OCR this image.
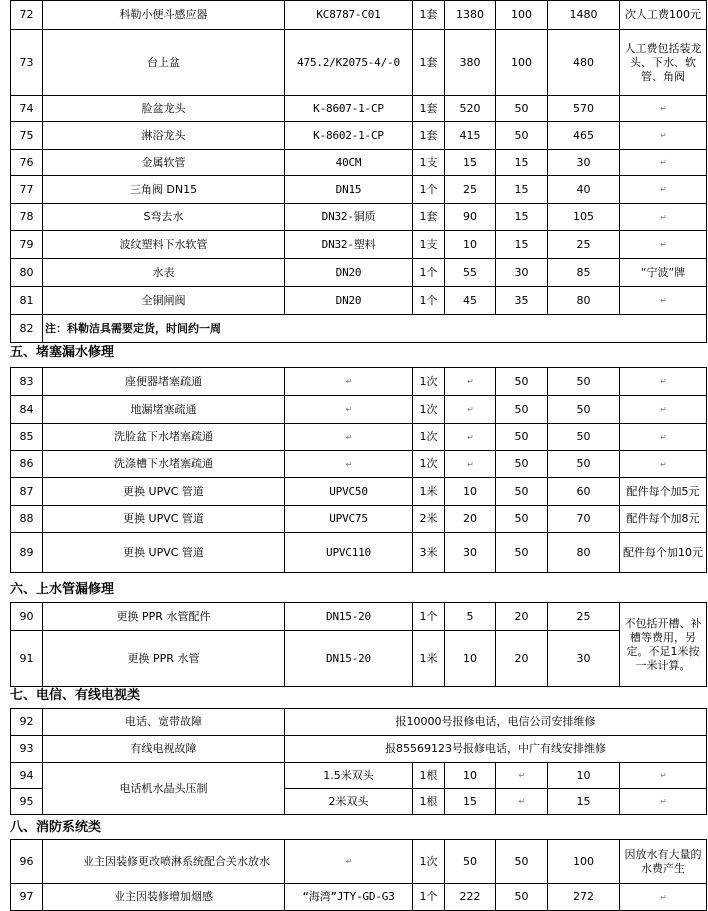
72	科勒小便斗感应器	KC8787-C01	1套	1380	100	1480	次人工费100元
73	台上盆	475.2/K2075-4/-0	1套	380	100	480	人工费包括装龙头、下水、软管、角阀
74	脸盆龙头	K-8607-1-CP	1套	520	50	570	↵
75	淋浴龙头	K-8602-1-CP	1套	415	50	465	↵
76	金属软管	40CM	1支	15	15	30	↵
77	三角阀 DN15	DN15	1个	25	15	40	↵
78	S弯去水	DN32-铜质	1套	90	15	105	↵
79	波纹塑料下水软管	DN32-塑料	1支	10	15	25	↵
80	水表	DN20	1个	55	30	85	“宁波”牌
81	全铜闸阀	DN20	1个	45	35	80	↵
82	注：科勒洁具需要定货，时间约一周						
五、堵塞漏水修理
83	座便器堵塞疏通	↵	1次	↵	50	50	↵
84	地漏堵塞疏通	↵	1次	↵	50	50	↵
85	洗脸盆下水堵塞疏通	↵	1次	↵	50	50	↵
86	洗涤槽下水堵塞疏通	↵	1次	↵	50	50	↵
87	更换 UPVC 管道	UPVC50	1米	10	50	60	配件每个加5元
88	更换 UPVC 管道	UPVC75	2米	20	50	70	配件每个加8元
89	更换 UPVC 管道	UPVC110	3米	30	50	80	配件每个加10元
六、上水管漏修理
90	更换 PPR 水管配件	DN15-20	1个	5	20	25	不包括开槽、补槽等费用，另定。不足1米按一米计算。
91	更换 PPR 水管	DN15-20	1米	10	20	30	
七、电信、有线电视类
92	电话、宽带故障	报10000号报修电话，电信公司安排维修					
93	有线电视故障	报85569123号报修电话，中广有线安排维修					
94	电话机水晶头压制	1.5米双头	1根	10	↵	10	↵
95		2米双头	1根	15	↵	15	↵
八、消防系统类
96	业主因装修更改喷淋系统配合关水放水	↵	1次	50	50	100	因放水有大量的水费产生
97	业主因装修增加烟感	“海湾”JTY-GD-G3	1个	222	50	272	↵
